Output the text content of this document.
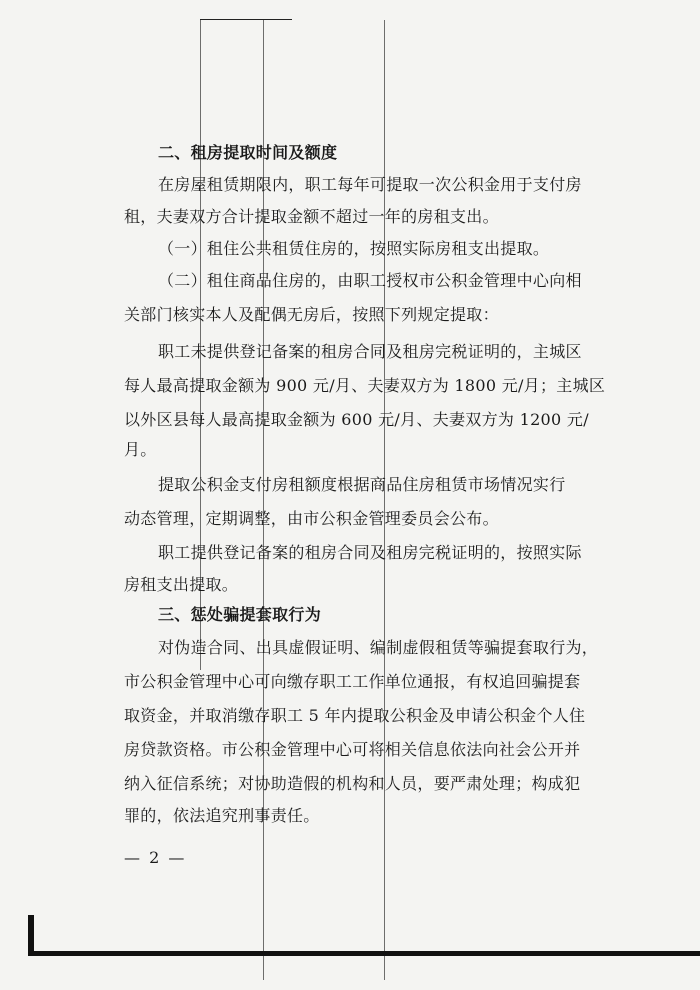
二、租房提取时间及额度
在房屋租赁期限内，职工每年可提取一次公积金用于支付房
租，夫妻双方合计提取金额不超过一年的房租支出。
（一）租住公共租赁住房的，按照实际房租支出提取。
（二）租住商品住房的，由职工授权市公积金管理中心向相
关部门核实本人及配偶无房后，按照下列规定提取：
职工未提供登记备案的租房合同及租房完税证明的，主城区
每人最高提取金额为 900 元/月、夫妻双方为 1800 元/月；主城区
以外区县每人最高提取金额为 600 元/月、夫妻双方为 1200 元/
月。
提取公积金支付房租额度根据商品住房租赁市场情况实行
动态管理，定期调整，由市公积金管理委员会公布。
职工提供登记备案的租房合同及租房完税证明的，按照实际
房租支出提取。
三、惩处骗提套取行为
对伪造合同、出具虚假证明、编制虚假租赁等骗提套取行为，
市公积金管理中心可向缴存职工工作单位通报，有权追回骗提套
取资金，并取消缴存职工 5 年内提取公积金及申请公积金个人住
房贷款资格。市公积金管理中心可将相关信息依法向社会公开并
纳入征信系统；对协助造假的机构和人员，要严肃处理；构成犯
罪的，依法追究刑事责任。
— 2 —
